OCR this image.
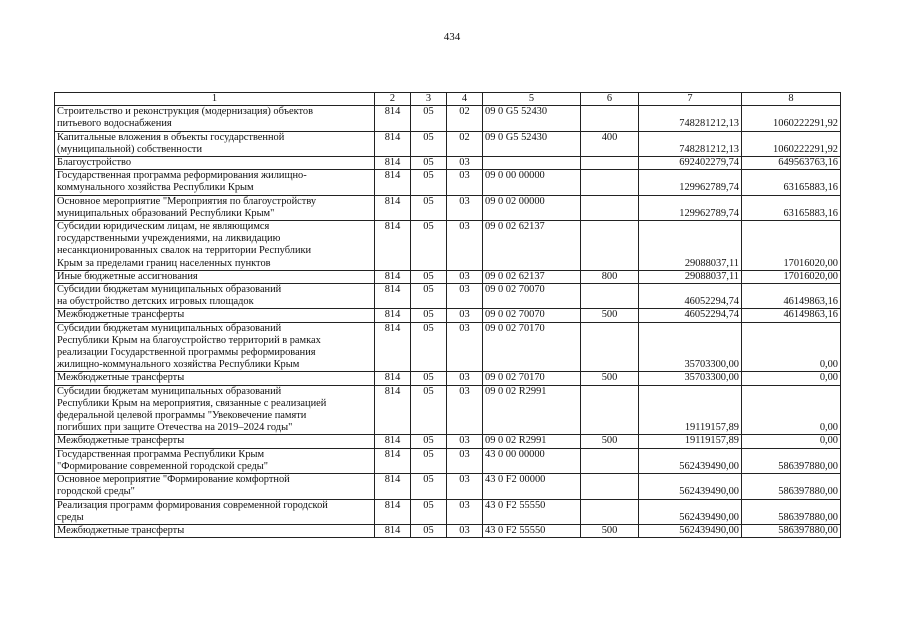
434
1	2	3	4	5	6	7	8

Строительство и реконструкция (модернизация) объектов
питьевого водоснабжения	814	05	02	09 0 G5 52430		748281212,13	1060222291,92

Капитальные вложения в объекты государственной
(муниципальной) собственности	814	05	02	09 0 G5 52430	400	748281212,13	1060222291,92

Благоустройство	814	05	03			692402279,74	649563763,16

Государственная программа реформирования жилищно-
коммунального хозяйства Республики Крым	814	05	03	09 0 00 00000		129962789,74	63165883,16

Основное мероприятие "Мероприятия по благоустройству
муниципальных образований Республики Крым"	814	05	03	09 0 02 00000		129962789,74	63165883,16

Субсидии юридическим лицам, не являющимся
государственными учреждениями, на ликвидацию
несанкционированных свалок на территории Республики
Крым за пределами границ населенных пунктов	814	05	03	09 0 02 62137		29088037,11	17016020,00

Иные бюджетные ассигнования	814	05	03	09 0 02 62137	800	29088037,11	17016020,00

Субсидии бюджетам муниципальных образований
на обустройство детских игровых площадок	814	05	03	09 0 02 70070		46052294,74	46149863,16

Межбюджетные трансферты	814	05	03	09 0 02 70070	500	46052294,74	46149863,16

Субсидии бюджетам муниципальных образований
Республики Крым на благоустройство территорий в рамках
реализации Государственной программы реформирования
жилищно-коммунального хозяйства Республики Крым	814	05	03	09 0 02 70170		35703300,00	0,00

Межбюджетные трансферты	814	05	03	09 0 02 70170	500	35703300,00	0,00

Субсидии бюджетам муниципальных образований
Республики Крым на мероприятия, связанные с реализацией
федеральной целевой программы "Увековечение памяти
погибших при защите Отечества на 2019–2024 годы"	814	05	03	09 0 02 R2991		19119157,89	0,00

Межбюджетные трансферты	814	05	03	09 0 02 R2991	500	19119157,89	0,00

Государственная программа Республики Крым
"Формирование современной городской среды"	814	05	03	43 0 00 00000		562439490,00	586397880,00

Основное мероприятие "Формирование комфортной
городской среды"	814	05	03	43 0 F2 00000		562439490,00	586397880,00

Реализация программ формирования современной городской
среды	814	05	03	43 0 F2 55550		562439490,00	586397880,00

Межбюджетные трансферты	814	05	03	43 0 F2 55550	500	562439490,00	586397880,00
